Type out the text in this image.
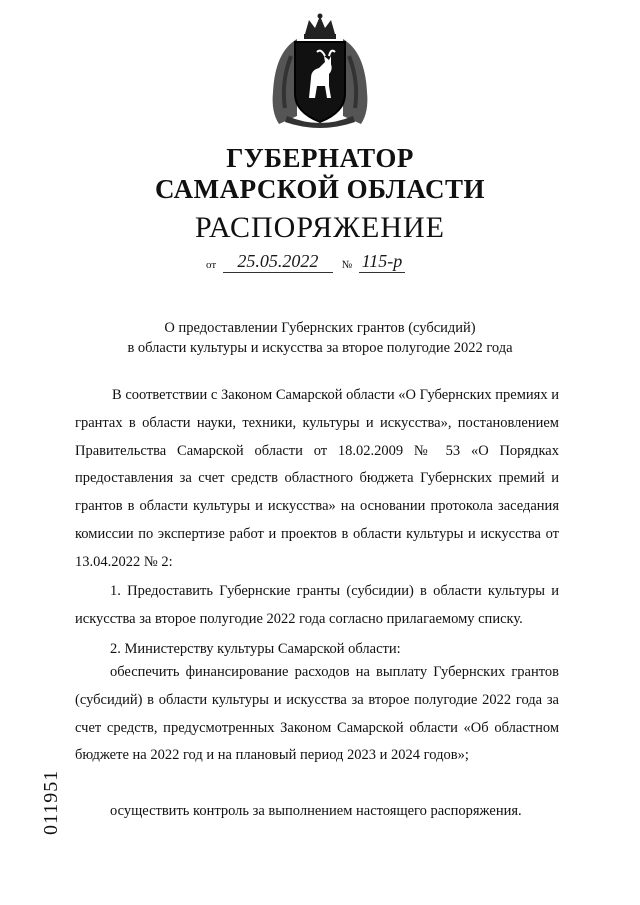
ГУБЕРНАТОР
САМАРСКОЙ ОБЛАСТИ
РАСПОРЯЖЕНИЕ
от 25.05.2022 № 115-р
О предоставлении Губернских грантов (субсидий)
в области культуры и искусства за второе полугодие 2022 года
В соответствии с Законом Самарской области «О Губернских премиях и грантах в области науки, техники, культуры и искусства», постановлением Правительства Самарской области от 18.02.2009 № 53 «О Порядках предоставления за счет средств областного бюджета Губернских премий и грантов в области культуры и искусства» на основании протокола заседания комиссии по экспертизе работ и проектов в области культуры и искусства от 13.04.2022 № 2:
1. Предоставить Губернские гранты (субсидии) в области культуры и искусства за второе полугодие 2022 года согласно прилагаемому списку.
2. Министерству культуры Самарской области:
обеспечить финансирование расходов на выплату Губернских грантов (субсидий) в области культуры и искусства за второе полугодие 2022 года за счет средств, предусмотренных Законом Самарской области «Об областном бюджете на 2022 год и на плановый период 2023 и 2024 годов»;
осуществить контроль за выполнением настоящего распоряжения.
011951
